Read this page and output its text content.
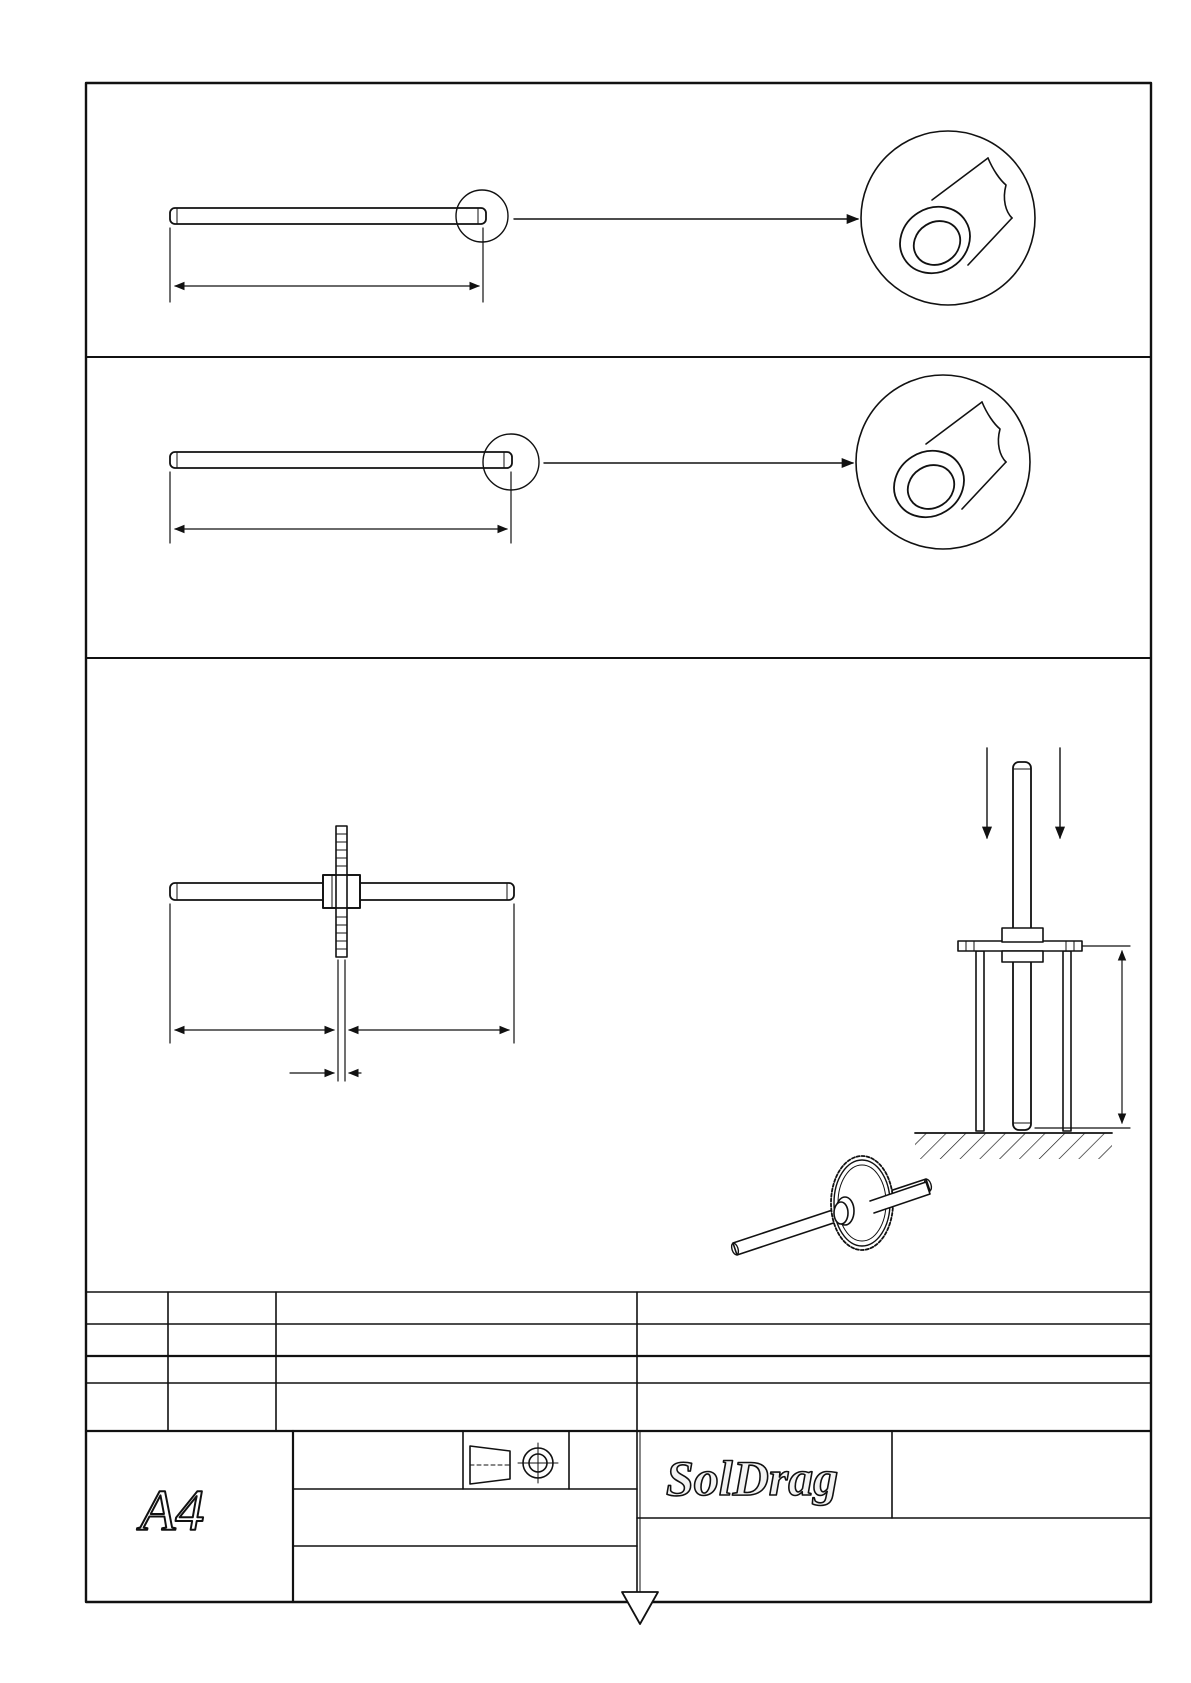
A4	SolDrag
